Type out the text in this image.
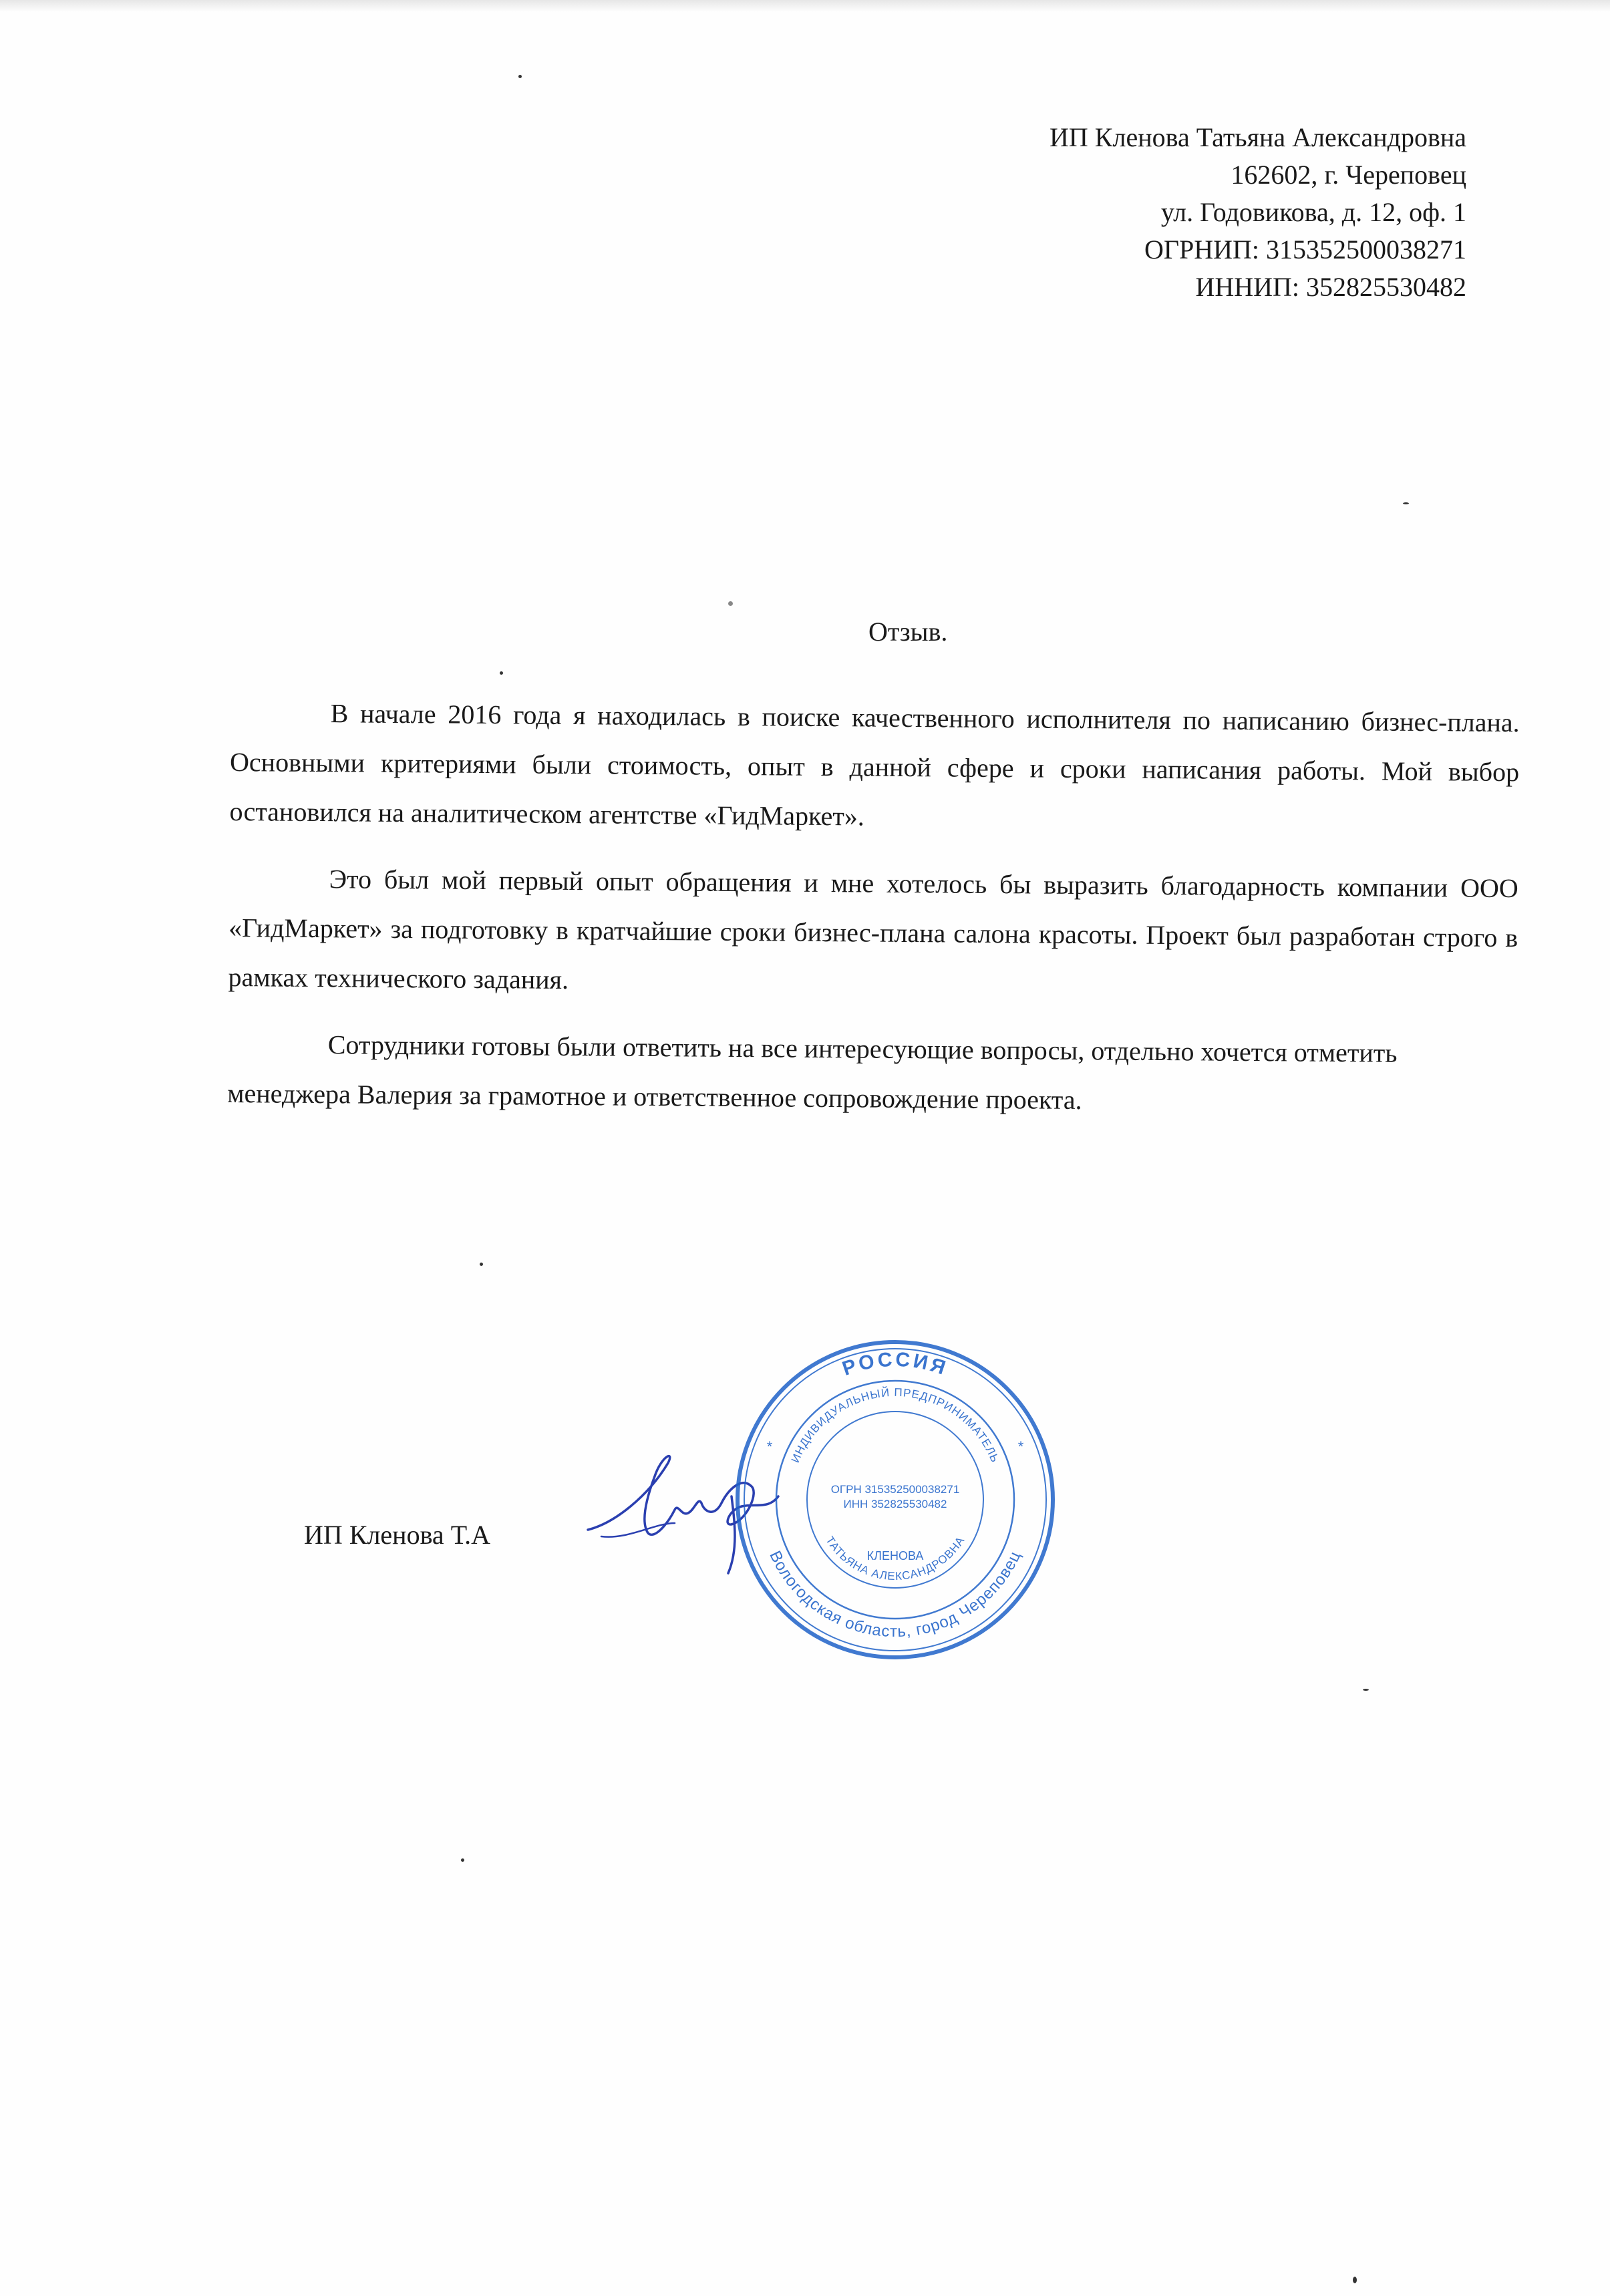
ИП Кленова Татьяна Александровна
162602, г. Череповец
ул. Годовикова, д. 12, оф. 1
ОГРНИП: 315352500038271
ИННИП: 352825530482
Отзыв.

В начале 2016 года я находилась в поиске качественного исполнителя по написанию бизнес-плана. Основными критериями были стоимость, опыт в данной сфере и сроки написания работы. Мой выбор остановился на аналитическом агентстве «ГидМаркет».

Это был мой первый опыт обращения и мне хотелось бы выразить благодарность компании ООО «ГидМаркет» за подготовку в кратчайшие сроки бизнес-плана салона красоты. Проект был разработан строго в рамках технического задания.

Сотрудники готовы были ответить на все интересующие вопросы, отдельно хочется отметить менеджера Валерия за грамотное и ответственное сопровождение проекта.

ИП Кленова Т.А
РОССИЯ
Вологодская область, город Череповец
ИНДИВИДУАЛЬНЫЙ ПРЕДПРИНИМАТЕЛЬ
ТАТЬЯНА АЛЕКСАНДРОВНА
ОГРН 315352500038271
ИНН 352825530482
КЛЕНОВА
*	*
